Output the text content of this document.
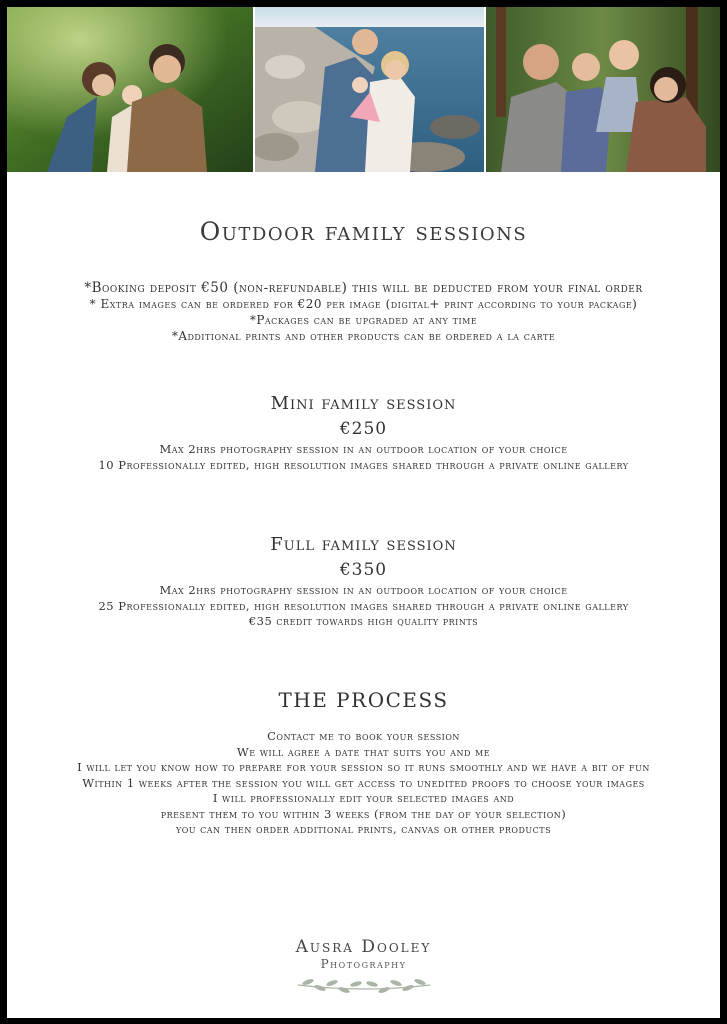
Outdoor family sessions
*Booking deposit €50 (non-refundable) this will be deducted from your final order
* Extra images can be ordered for €20 per image (digital+ print according to your package)
*Packages can be upgraded at any time
*Additional prints and other products can be ordered a la carte
Mini family session
€250
Max 2hrs photography session in an outdoor location of your choice
10 Professionally edited, high resolution images shared through a private online gallery
Full family session
€350
Max 2hrs photography session in an outdoor location of your choice
25 Professionally edited, high resolution images shared through a private online gallery
€35 credit towards high quality prints
THE PROCESS
Contact me to book your session
We will agree a date that suits you and me
I will let you know how to prepare for your session so it runs smoothly and we have a bit of fun
Within 1 weeks after the session you will get access to unedited proofs to choose your images
I will professionally edit your selected images and
present them to you within 3 weeks (from the day of your selection)
you can then order additional prints, canvas or other products
Ausra Dooley
Photography
